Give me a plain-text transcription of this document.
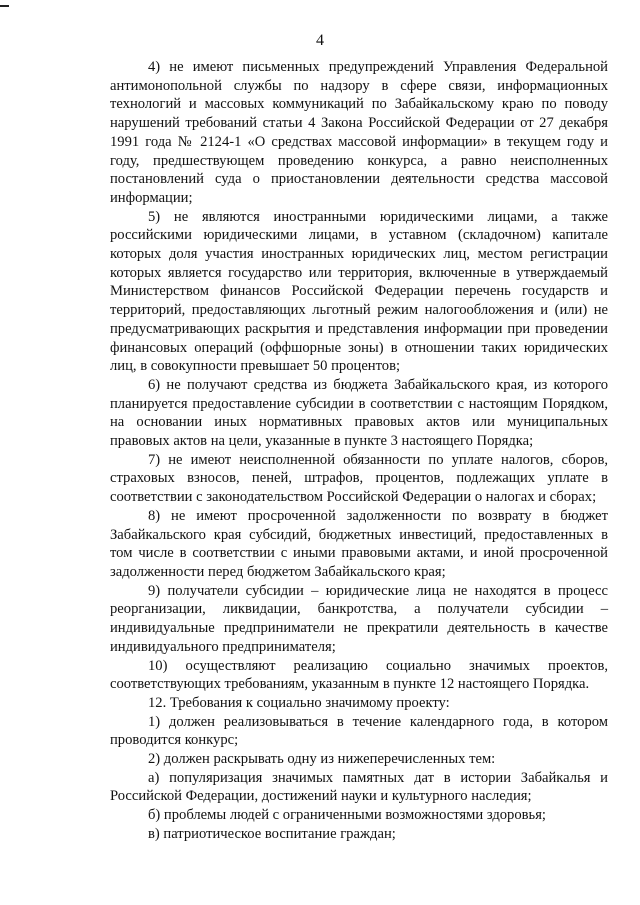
4

4) не имеют письменных предупреждений Управления Федеральной антимонопольной службы по надзору в сфере связи, информационных технологий и массовых коммуникаций по Забайкальскому краю по поводу нарушений требований статьи 4 Закона Российской Федерации от 27 декабря 1991 года № 2124-1 «О средствах массовой информации» в текущем году и году, предшествующем проведению конкурса, а равно неисполненных постановлений суда о приостановлении деятельности средства массовой информации;

5) не являются иностранными юридическими лицами, а также российскими юридическими лицами, в уставном (складочном) капитале которых доля участия иностранных юридических лиц, местом регистрации которых является государство или территория, включенные в утверждаемый Министерством финансов Российской Федерации перечень государств и территорий, предоставляющих льготный режим налогообложения и (или) не предусматривающих раскрытия и представления информации при проведении финансовых операций (оффшорные зоны) в отношении таких юридических лиц, в совокупности превышает 50 процентов;

6) не получают средства из бюджета Забайкальского края, из которого планируется предоставление субсидии в соответствии с настоящим Порядком, на основании иных нормативных правовых актов или муниципальных правовых актов на цели, указанные в пункте 3 настоящего Порядка;

7) не имеют неисполненной обязанности по уплате налогов, сборов, страховых взносов, пеней, штрафов, процентов, подлежащих уплате в соответствии с законодательством Российской Федерации о налогах и сборах;

8) не имеют просроченной задолженности по возврату в бюджет Забайкальского края субсидий, бюджетных инвестиций, предоставленных в том числе в соответствии с иными правовыми актами, и иной просроченной задолженности перед бюджетом Забайкальского края;

9) получатели субсидии – юридические лица не находятся в процесс реорганизации, ликвидации, банкротства, а получатели субсидии – индивидуальные предприниматели не прекратили деятельность в качестве индивидуального предпринимателя;

10) осуществляют реализацию социально значимых проектов, соответствующих требованиям, указанным в пункте 12 настоящего Порядка.

12. Требования к социально значимому проекту:

1) должен реализовываться в течение календарного года, в котором проводится конкурс;

2) должен раскрывать одну из нижеперечисленных тем:

а) популяризация значимых памятных дат в истории Забайкалья и Российской Федерации, достижений науки и культурного наследия;

б) проблемы людей с ограниченными возможностями здоровья;

в) патриотическое воспитание граждан;
